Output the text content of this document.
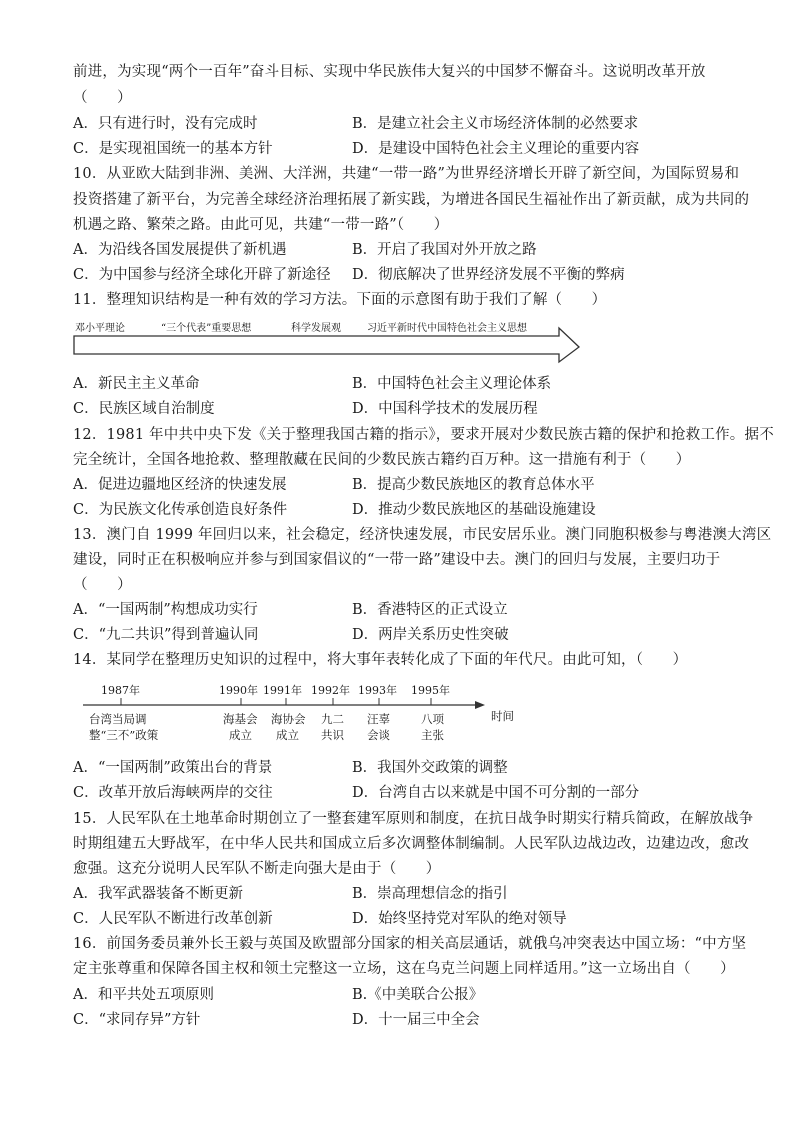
前进，为实现“两个一百年”奋斗目标、实现中华民族伟大复兴的中国梦不懈奋斗。这说明改革开放
（　　）
A．只有进行时，没有完成时	B．是建立社会主义市场经济体制的必然要求
C．是实现祖国统一的基本方针	D．是建设中国特色社会主义理论的重要内容
10．从亚欧大陆到非洲、美洲、大洋洲，共建“一带一路”为世界经济增长开辟了新空间，为国际贸易和
投资搭建了新平台，为完善全球经济治理拓展了新实践，为增进各国民生福祉作出了新贡献，成为共同的
机遇之路、繁荣之路。由此可见，共建“一带一路”（　　）
A．为沿线各国发展提供了新机遇	B．开启了我国对外开放之路
C．为中国参与经济全球化开辟了新途径 D．彻底解决了世界经济发展不平衡的弊病
11．整理知识结构是一种有效的学习方法。下面的示意图有助于我们了解（　　）
邓小平理论	“三个代表”重要思想	科学发展观	习近平新时代中国特色社会主义思想
A．新民主主义革命	B．中国特色社会主义理论体系
C．民族区域自治制度	D．中国科学技术的发展历程
12．1981 年中共中央下发《关于整理我国古籍的指示》，要求开展对少数民族古籍的保护和抢救工作。据不
完全统计，全国各地抢救、整理散藏在民间的少数民族古籍约百万种。这一措施有利于（　　）
A．促进边疆地区经济的快速发展	B．提高少数民族地区的教育总体水平
C．为民族文化传承创造良好条件	D．推动少数民族地区的基础设施建设
13．澳门自 1999 年回归以来，社会稳定，经济快速发展，市民安居乐业。澳门同胞积极参与粤港澳大湾区
建设，同时正在积极响应并参与到国家倡议的“一带一路”建设中去。澳门的回归与发展，主要归功于
（　　）
A．“一国两制”构想成功实行	B．香港特区的正式设立
C．“九二共识”得到普遍认同	D．两岸关系历史性突破
14．某同学在整理历史知识的过程中，将大事年表转化成了下面的年代尺。由此可知，（　　）
1987年	1990年 1991年 1992年 1993年 1995年
台湾当局调
整“三不”政策
海基会
成立
海协会
成立
九二
共识
汪辜
会谈
八项
主张
时间
A．“一国两制”政策出台的背景	B．我国外交政策的调整
C．改革开放后海峡两岸的交往	D．台湾自古以来就是中国不可分割的一部分
15．人民军队在土地革命时期创立了一整套建军原则和制度，在抗日战争时期实行精兵简政，在解放战争
时期组建五大野战军，在中华人民共和国成立后多次调整体制编制。人民军队边战边改，边建边改，愈改
愈强。这充分说明人民军队不断走向强大是由于（　　）
A．我军武器装备不断更新	B．崇高理想信念的指引
C．人民军队不断进行改革创新	D．始终坚持党对军队的绝对领导
16．前国务委员兼外长王毅与英国及欧盟部分国家的相关高层通话，就俄乌冲突表达中国立场：“中方坚
定主张尊重和保障各国主权和领土完整这一立场，这在乌克兰问题上同样适用。”这一立场出自（　　）
A．和平共处五项原则	B.《中美联合公报》
C．“求同存异”方针	D．十一届三中全会
